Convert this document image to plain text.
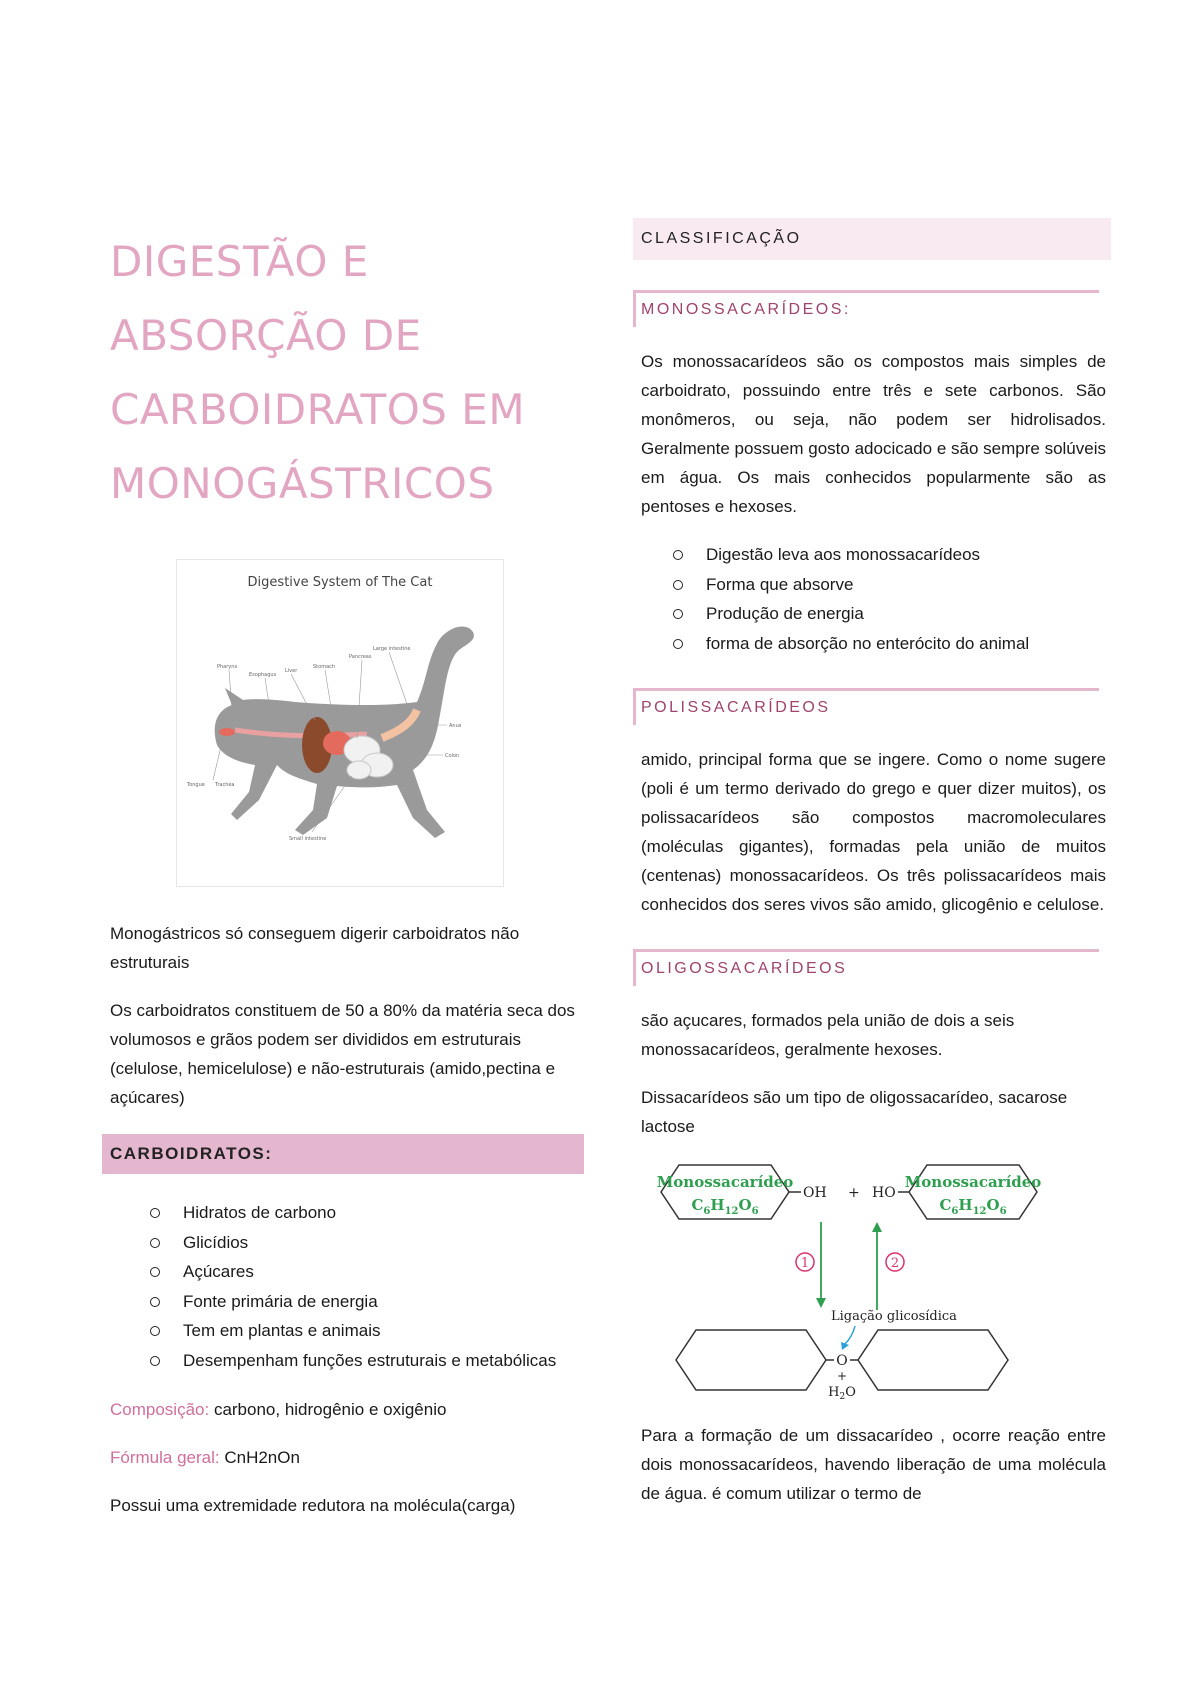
DIGESTÃO E
ABSORÇÃO DE
CARBOIDRATOS EM
MONOGÁSTRICOS
Digestive System of The Cat
Pharynx
Esophagus
Liver
Stomach
Pancreas
Large intestine
Anus
Colon
Tongue Trachea
Small intestine

Monogástricos só conseguem digerir carboidratos não estruturais

Os carboidratos constituem de 50 a 80% da matéria seca dos volumosos e grãos podem ser divididos em estruturais (celulose, hemicelulose) e não-estruturais (amido,pectina e açúcares)

CARBOIDRATOS:
Hidratos de carbono
Glicídios
Açúcares
Fonte primária de energia
Tem em plantas e animais
Desempenham funções estruturais e metabólicas

Composição: carbono, hidrogênio e oxigênio

Fórmula geral: CnH2nOn

Possui uma extremidade redutora na molécula(carga)

CLASSIFICAÇÃO
MONOSSACARÍDEOS:

Os monossacarídeos são os compostos mais simples de carboidrato, possuindo entre três e sete carbonos. São monômeros, ou seja, não podem ser hidrolisados. Geralmente possuem gosto adocicado e são sempre solúveis em água. Os mais conhecidos popularmente são as pentoses e hexoses.

Digestão leva aos monossacarídeos
Forma que absorve
Produção de energia
forma de absorção no enterócito do animal
POLISSACARÍDEOS

amido, principal forma que se ingere. Como o nome sugere (poli é um termo derivado do grego e quer dizer muitos), os polissacarídeos são compostos macromoleculares (moléculas gigantes), formadas pela união de muitos (centenas) monossacarídeos. Os três polissacarídeos mais conhecidos dos seres vivos são amido, glicogênio e celulose.

OLIGOSSACARÍDEOS

são açucares, formados pela união de dois a seis monossacarídeos, geralmente hexoses.

Dissacarídeos são um tipo de oligossacarídeo, sacarose lactose

Monossacarídeo
$C_6H_{12}O_6$
OH + HO
Monossacarídeo
$C_6H_{12}O_6$
1	2
Ligação glicosídica
O
+
$H_2O$

Para a formação de um dissacarídeo , ocorre reação entre dois monossacarídeos, havendo liberação de uma molécula de água. é comum utilizar o termo de
